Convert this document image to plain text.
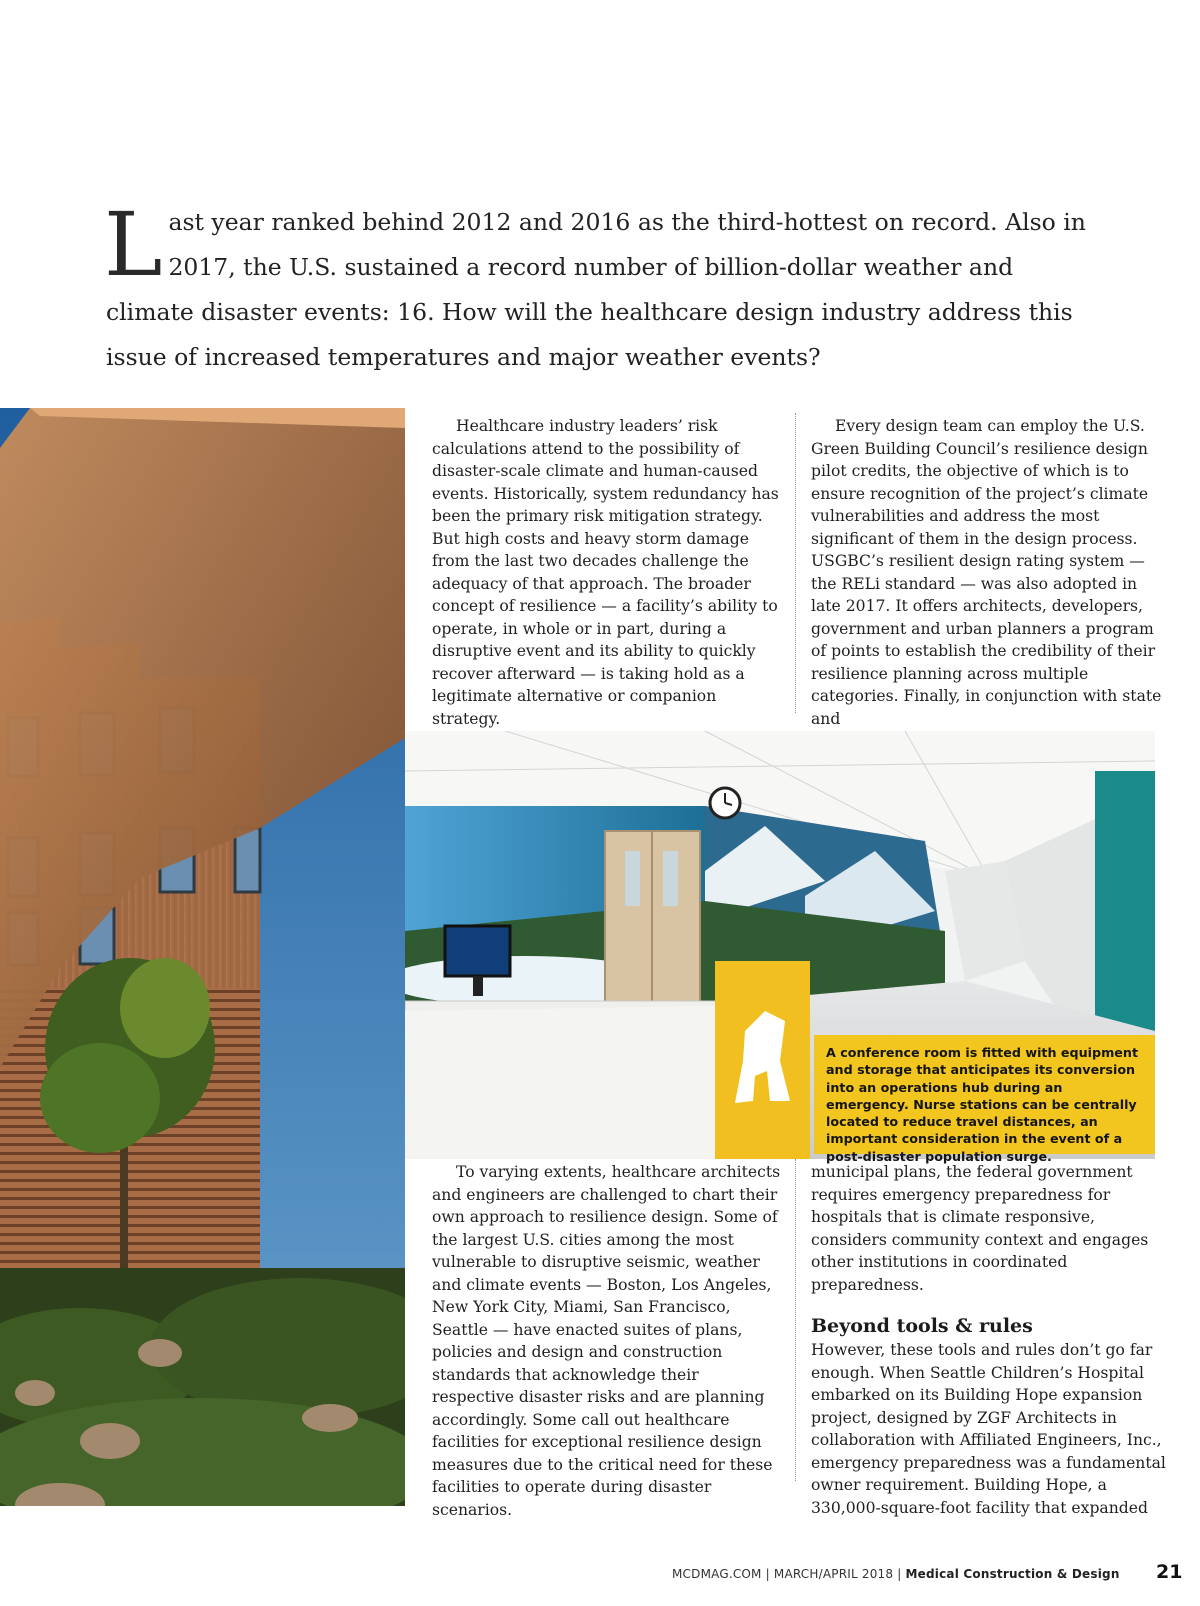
Last year ranked behind 2012 and 2016 as the third-hottest on record. Also in 2017, the U.S. sustained a record number of billion-dollar weather and climate disaster events: 16. How will the healthcare design industry address this issue of increased temperatures and major weather events?
A conference room is fitted with equipment and storage that anticipates its conversion into an operations hub during an emergency. Nurse stations can be centrally located to reduce travel distances, an important consideration in the event of a post-disaster population surge.

Healthcare industry leaders’ risk calculations attend to the possibility of disaster-scale climate and human-caused events. Historically, system redundancy has been the primary risk mitigation strategy. But high costs and heavy storm damage from the last two decades challenge the adequacy of that approach. The broader concept of resilience — a facility’s ability to operate, in whole or in part, during a disruptive event and its ability to quickly recover afterward — is taking hold as a legitimate alternative or companion strategy.

Every design team can employ the U.S. Green Building Council’s resilience design pilot credits, the objective of which is to ensure recognition of the project’s climate vulnerabilities and address the most significant of them in the design process. USGBC’s resilient design rating system — the RELi standard — was also adopted in late 2017. It offers architects, developers, government and urban planners a program of points to establish the credibility of their resilience planning across multiple categories. Finally, in conjunction with state and

To varying extents, healthcare architects and engineers are challenged to chart their own approach to resilience design. Some of the largest U.S. cities among the most vulnerable to disruptive seismic, weather and climate events — Boston, Los Angeles, New York City, Miami, San Francisco, Seattle — have enacted suites of plans, policies and design and construction standards that acknowledge their respective disaster risks and are planning accordingly. Some call out healthcare facilities for exceptional resilience design measures due to the critical need for these facilities to operate during disaster scenarios.

municipal plans, the federal government requires emergency preparedness for hospitals that is climate responsive, considers community context and engages other institutions in coordinated preparedness.

Beyond tools & rules

However, these tools and rules don’t go far enough. When Seattle Children’s Hospital embarked on its Building Hope expansion project, designed by ZGF Architects in collaboration with Affiliated Engineers, Inc., emergency preparedness was a fundamental owner requirement. Building Hope, a 330,000-square-foot facility that expanded

MCDMAG.COM | MARCH/APRIL 2018 | Medical Construction & Design 21
